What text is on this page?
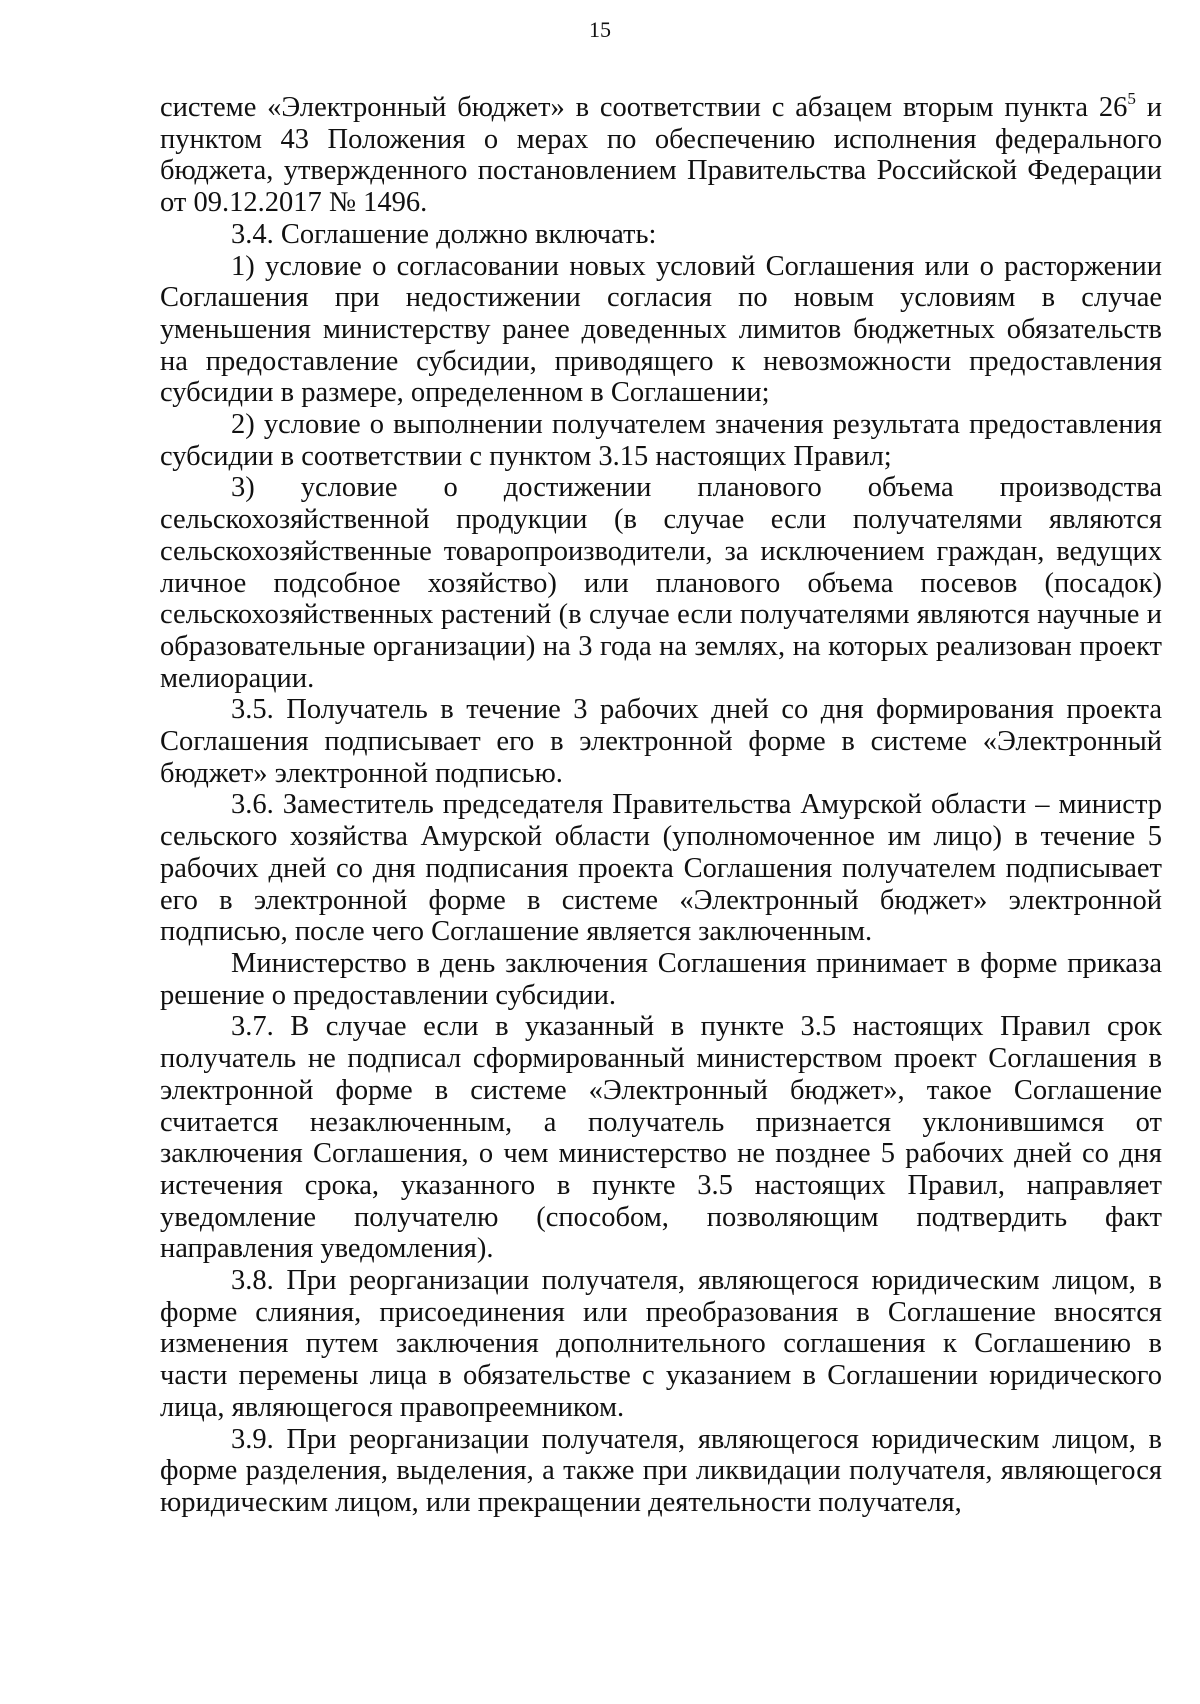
15

системе «Электронный бюджет» в соответствии с абзацем вторым пункта $26^5$ и пунктом 43 Положения о мерах по обеспечению исполнения федерального бюджета, утвержденного постановлением Правительства Российской Федерации от 09.12.2017 № 1496.

3.4. Соглашение должно включать:

1) условие о согласовании новых условий Соглашения или о расторжении Соглашения при недостижении согласия по новым условиям в случае уменьшения министерству ранее доведенных лимитов бюджетных обязательств на предоставление субсидии, приводящего к невозможности предоставления субсидии в размере, определенном в Соглашении;

2) условие о выполнении получателем значения результата предоставления субсидии в соответствии с пунктом 3.15 настоящих Правил;

3) условие о достижении планового объема производства сельскохозяйственной продукции (в случае если получателями являются сельскохозяйственные товаропроизводители, за исключением граждан, ведущих личное подсобное хозяйство) или планового объема посевов (посадок) сельскохозяйственных растений (в случае если получателями являются научные и образовательные организации) на 3 года на землях, на которых реализован проект мелиорации.

3.5. Получатель в течение 3 рабочих дней со дня формирования проекта Соглашения подписывает его в электронной форме в системе «Электронный бюджет» электронной подписью.

3.6. Заместитель председателя Правительства Амурской области – министр сельского хозяйства Амурской области (уполномоченное им лицо) в течение 5 рабочих дней со дня подписания проекта Соглашения получателем подписывает его в электронной форме в системе «Электронный бюджет» электронной подписью, после чего Соглашение является заключенным.

Министерство в день заключения Соглашения принимает в форме приказа решение о предоставлении субсидии.

3.7. В случае если в указанный в пункте 3.5 настоящих Правил срок получатель не подписал сформированный министерством проект Соглашения в электронной форме в системе «Электронный бюджет», такое Соглашение считается незаключенным, а получатель признается уклонившимся от заключения Соглашения, о чем министерство не позднее 5 рабочих дней со дня истечения срока, указанного в пункте 3.5 настоящих Правил, направляет уведомление получателю (способом, позволяющим подтвердить факт направления уведомления).

3.8. При реорганизации получателя, являющегося юридическим лицом, в форме слияния, присоединения или преобразования в Соглашение вносятся изменения путем заключения дополнительного соглашения к Соглашению в части перемены лица в обязательстве с указанием в Соглашении юридического лица, являющегося правопреемником.

3.9. При реорганизации получателя, являющегося юридическим лицом, в форме разделения, выделения, а также при ликвидации получателя, являющегося юридическим лицом, или прекращении деятельности получателя,
